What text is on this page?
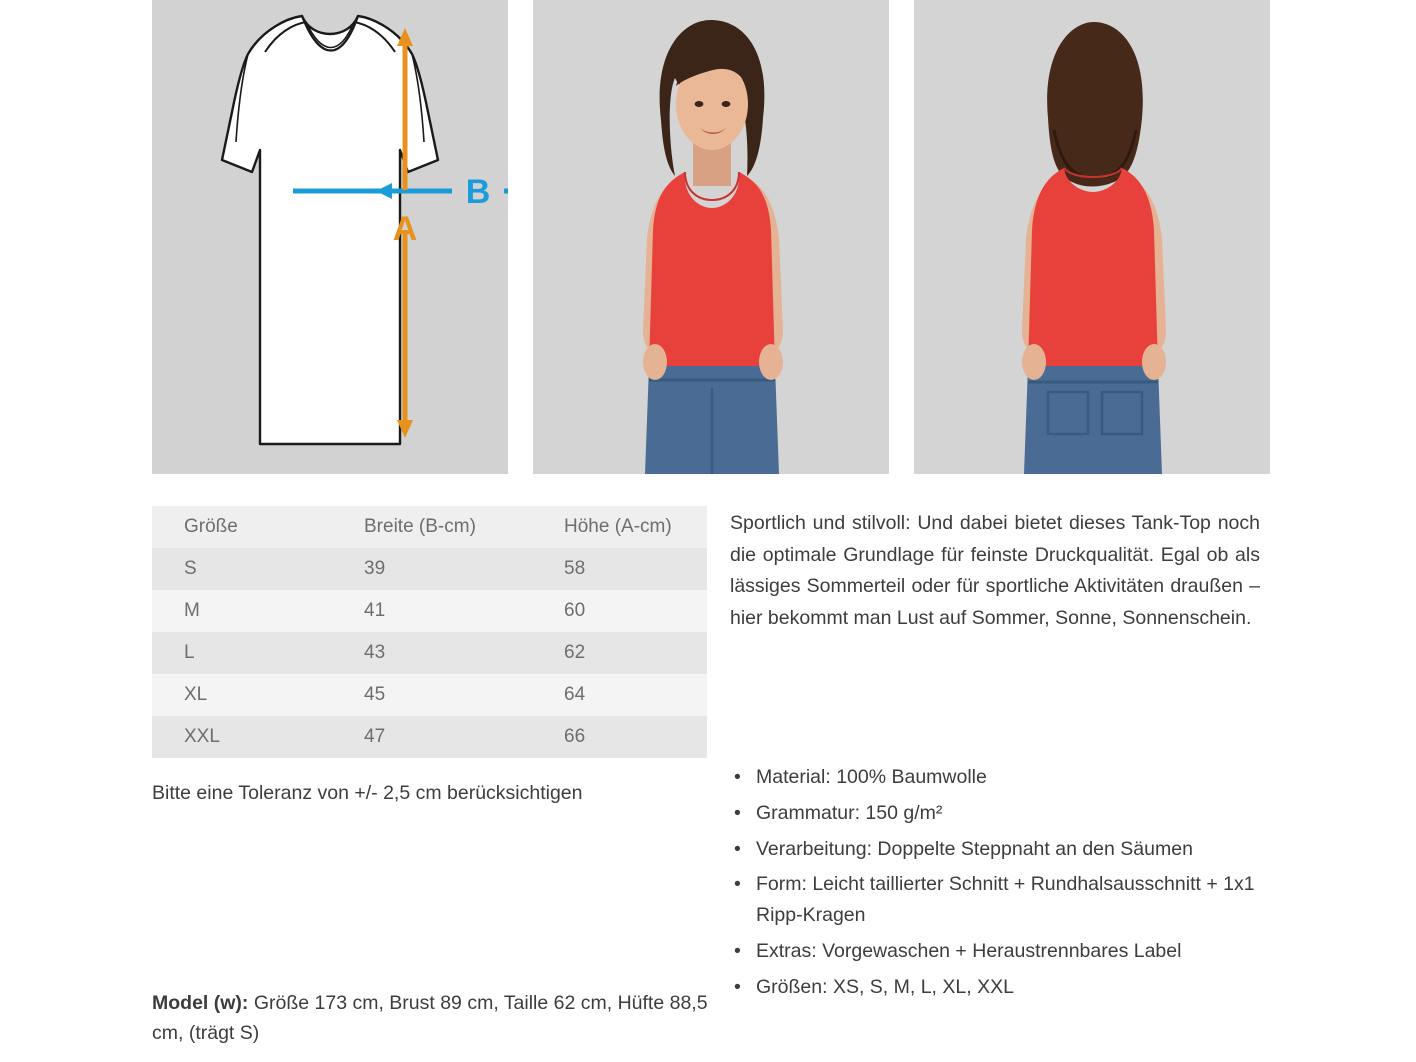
B
A
Größe	Breite (B-cm)	Höhe (A-cm)
S	39	58
M	41	60
L	43	62
XL	45	64
XXL	47	66
Bitte eine Toleranz von +/- 2,5 cm berücksichtigen
Model (w): Größe 173 cm, Brust 89 cm, Taille 62 cm, Hüfte 88,5 cm, (trägt S)
Sportlich und stilvoll: Und dabei bietet dieses Tank-Top noch die optimale Grundlage für feinste Druckqualität. Egal ob als lässiges Sommerteil oder für sportliche Aktivitäten draußen – hier bekommt man Lust auf Sommer, Sonne, Sonnenschein.
• Material: 100% Baumwolle
• Grammatur: 150 g/m²
• Verarbeitung: Doppelte Steppnaht an den Säumen
• Form: Leicht taillierter Schnitt + Rundhalsausschnitt + 1x1 Ripp-Kragen
• Extras: Vorgewaschen + Heraustrennbares Label
• Größen: XS, S, M, L, XL, XXL
